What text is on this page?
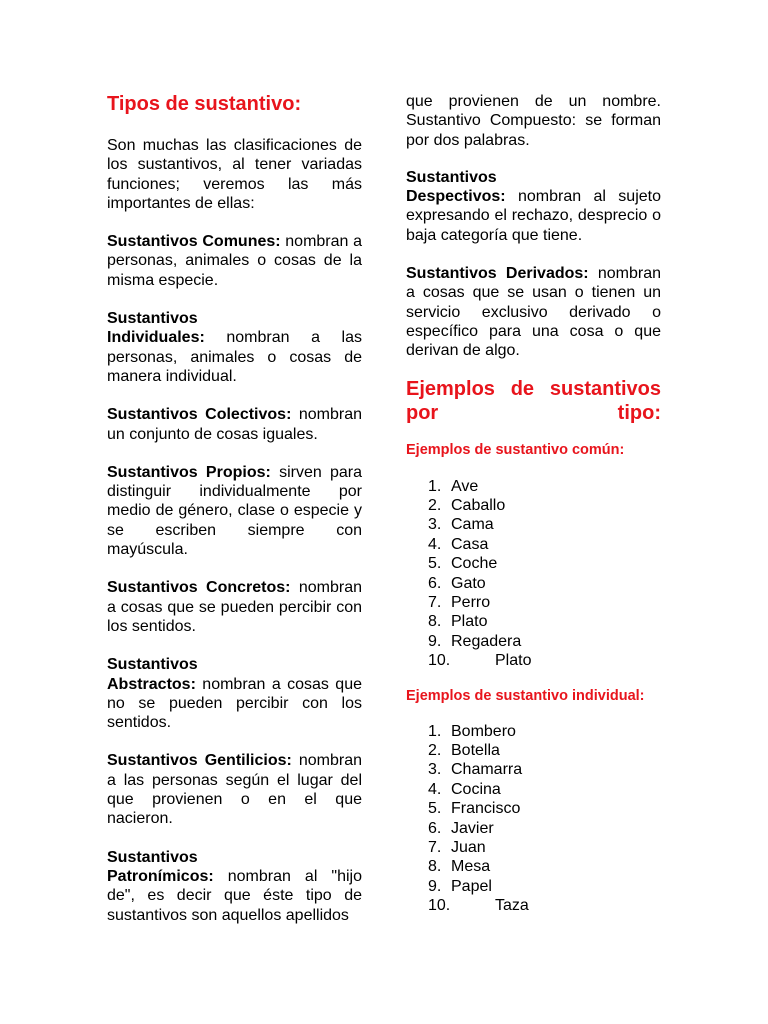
Tipos de sustantivo:

Son muchas las clasificaciones de los sustantivos, al tener variadas funciones; veremos las más importantes de ellas:

Sustantivos Comunes: nombran a personas, animales o cosas de la misma especie.

Sustantivos
Individuales: nombran a las personas, animales o cosas de manera individual.

Sustantivos Colectivos: nombran un conjunto de cosas iguales.

Sustantivos Propios: sirven para distinguir individualmente por medio de género, clase o especie y se escriben siempre con mayúscula.

Sustantivos Concretos: nombran a cosas que se pueden percibir con los sentidos.

Sustantivos
Abstractos: nombran a cosas que no se pueden percibir con los sentidos.

Sustantivos Gentilicios: nombran a las personas según el lugar del que provienen o en el que nacieron.

Sustantivos
Patronímicos: nombran al "hijo de", es decir que éste tipo de sustantivos son aquellos apellidos

que provienen de un nombre. Sustantivo Compuesto: se forman por dos palabras.

Sustantivos
Despectivos: nombran al sujeto expresando el rechazo, desprecio o baja categoría que tiene.

Sustantivos Derivados: nombran a cosas que se usan o tienen un servicio exclusivo derivado o específico para una cosa o que derivan de algo.

Ejemplos de sustantivos por tipo:
Ejemplos de sustantivo común:
1. Ave
2. Caballo
3. Cama
4. Casa
5. Coche
6. Gato
7. Perro
8. Plato
9. Regadera
10.	Plato
Ejemplos de sustantivo individual:
1. Bombero
2. Botella
3. Chamarra
4. Cocina
5. Francisco
6. Javier
7. Juan
8. Mesa
9. Papel
10.	Taza
